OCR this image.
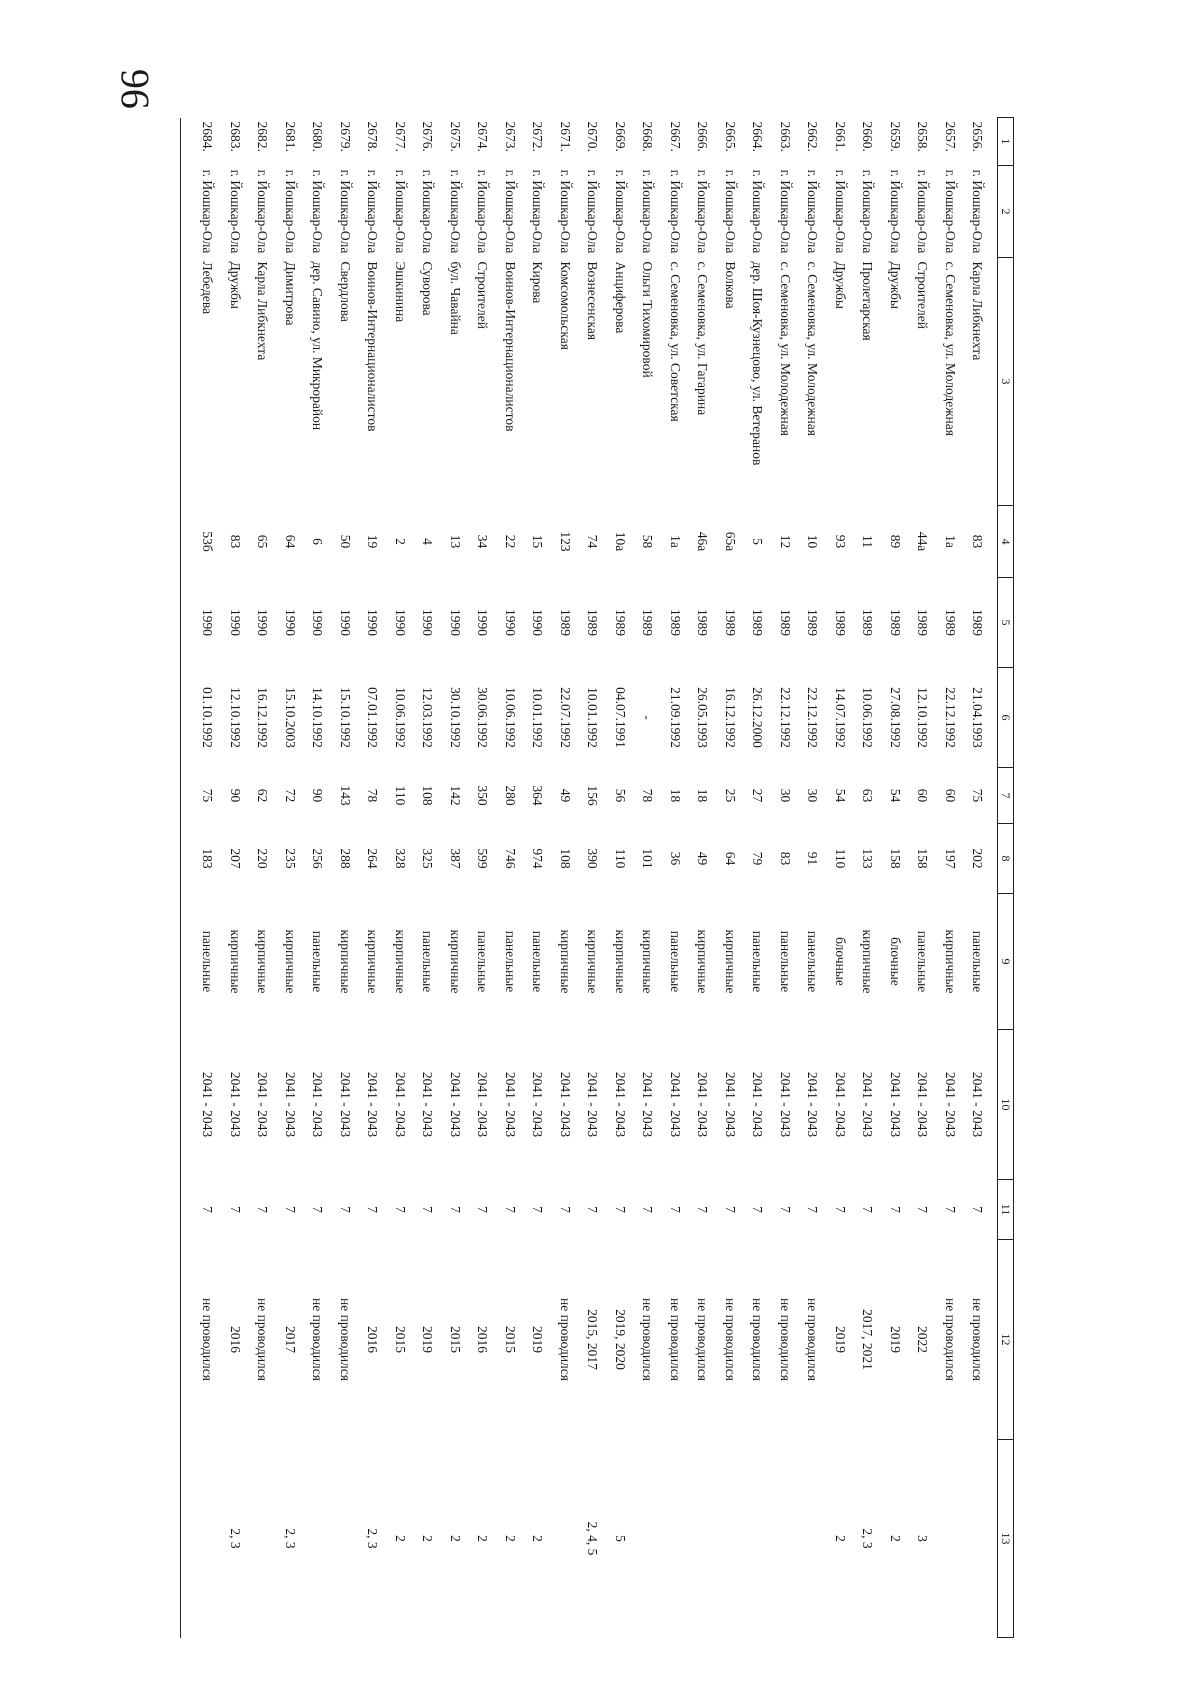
96
1	2	3	4	5	6	7	8	9	10	11	12	13
2656.	г. Йошкар-Ола	Карла Либкнехта	83	1989	21.04.1993	75	202	панельные	2041 - 2043	7	не проводился	
2657.	г. Йошкар-Ола	с. Семеновка, ул. Молодежная	1а	1989	22.12.1992	60	197	кирпичные	2041 - 2043	7	не проводился	
2658.	г. Йошкар-Ола	Строителей	44а	1989	12.10.1992	60	158	панельные	2041 - 2043	7	2022	3
2659.	г. Йошкар-Ола	Дружбы	89	1989	27.08.1992	54	158	блочные	2041 - 2043	7	2019	2
2660.	г. Йошкар-Ола	Пролетарская	11	1989	10.06.1992	63	133	кирпичные	2041 - 2043	7	2017, 2021	2, 3
2661.	г. Йошкар-Ола	Дружбы	93	1989	14.07.1992	54	110	блочные	2041 - 2043	7	2019	2
2662.	г. Йошкар-Ола	с. Семеновка, ул. Молодежная	10	1989	22.12.1992	30	91	панельные	2041 - 2043	7	не проводился	
2663.	г. Йошкар-Ола	с. Семеновка, ул. Молодежная	12	1989	22.12.1992	30	83	панельные	2041 - 2043	7	не проводился	
2664.	г. Йошкар-Ола	дер. Шоя-Кузнецово, ул. Ветеранов	5	1989	26.12.2000	27	79	панельные	2041 - 2043	7	не проводился	
2665.	г. Йошкар-Ола	Волкова	65а	1989	16.12.1992	25	64	кирпичные	2041 - 2043	7	не проводился	
2666.	г. Йошкар-Ола	с. Семеновка, ул. Гагарина	46а	1989	26.05.1993	18	49	кирпичные	2041 - 2043	7	не проводился	
2667.	г. Йошкар-Ола	с. Семеновка, ул. Советская	1а	1989	21.09.1992	18	36	панельные	2041 - 2043	7	не проводился	
2668.	г. Йошкар-Ола	Ольги Тихомировой	58	1989	-	78	101	кирпичные	2041 - 2043	7	не проводился	
2669.	г. Йошкар-Ола	Анциферова	10а	1989	04.07.1991	56	110	кирпичные	2041 - 2043	7	2019, 2020	5
2670.	г. Йошкар-Ола	Вознесенская	74	1989	10.01.1992	156	390	кирпичные	2041 - 2043	7	2015, 2017	2, 4, 5
2671.	г. Йошкар-Ола	Комсомольская	123	1989	22.07.1992	49	108	кирпичные	2041 - 2043	7	не проводился	
2672.	г. Йошкар-Ола	Кирова	15	1990	10.01.1992	364	974	панельные	2041 - 2043	7	2019	2
2673.	г. Йошкар-Ола	Воинов-Интернационалистов	22	1990	10.06.1992	280	746	панельные	2041 - 2043	7	2015	2
2674.	г. Йошкар-Ола	Строителей	34	1990	30.06.1992	350	599	панельные	2041 - 2043	7	2016	2
2675.	г. Йошкар-Ола	бул. Чавайна	13	1990	30.10.1992	142	387	кирпичные	2041 - 2043	7	2015	2
2676.	г. Йошкар-Ола	Суворова	4	1990	12.03.1992	108	325	панельные	2041 - 2043	7	2019	2
2677.	г. Йошкар-Ола	Эшкинина	2	1990	10.06.1992	110	328	кирпичные	2041 - 2043	7	2015	2
2678.	г. Йошкар-Ола	Воинов-Интернационалистов	19	1990	07.01.1992	78	264	кирпичные	2041 - 2043	7	2016	2, 3
2679.	г. Йошкар-Ола	Свердлова	50	1990	15.10.1992	143	288	кирпичные	2041 - 2043	7	не проводился	
2680.	г. Йошкар-Ола	дер. Савино, ул. Микрорайон	6	1990	14.10.1992	90	256	панельные	2041 - 2043	7	не проводился	
2681.	г. Йошкар-Ола	Димитрова	64	1990	15.10.2003	72	235	кирпичные	2041 - 2043	7	2017	2, 3
2682.	г. Йошкар-Ола	Карла Либкнехта	65	1990	16.12.1992	62	220	кирпичные	2041 - 2043	7	не проводился	
2683.	г. Йошкар-Ола	Дружбы	83	1990	12.10.1992	90	207	кирпичные	2041 - 2043	7	2016	2, 3
2684.	г. Йошкар-Ола	Лебедева	53б	1990	01.10.1992	75	183	панельные	2041 - 2043	7	не проводился	
